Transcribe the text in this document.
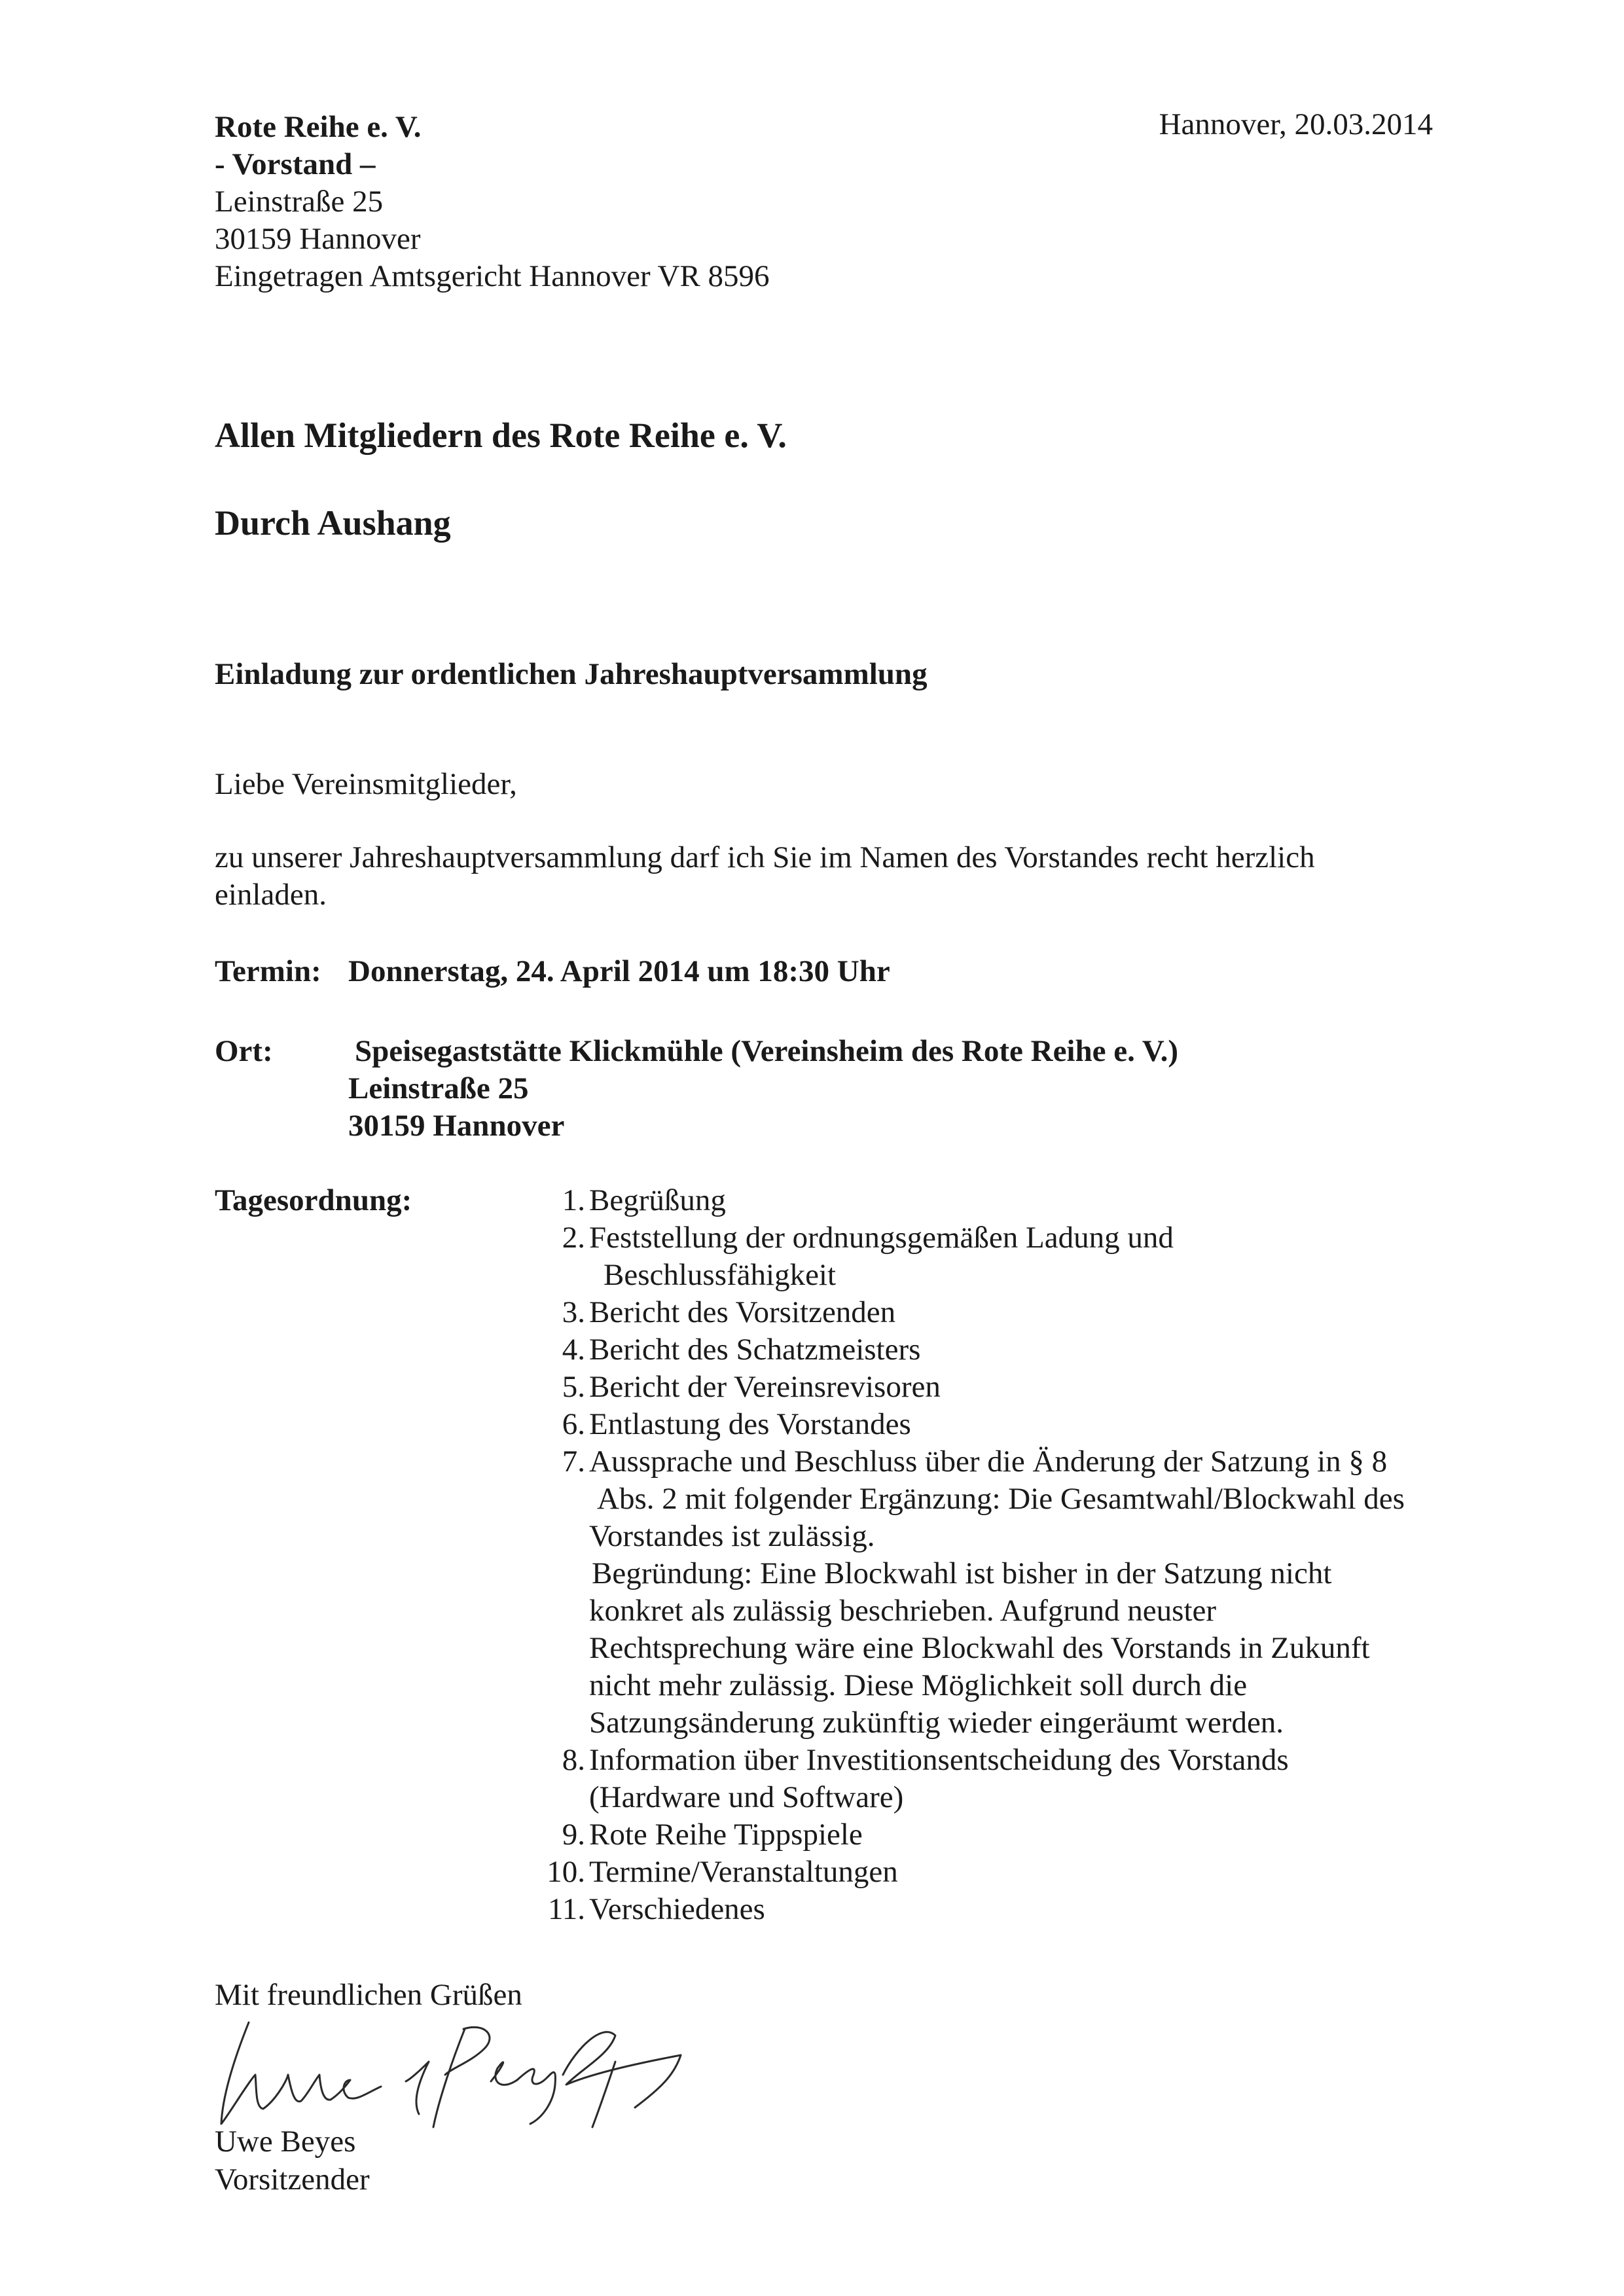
Rote Reihe e. V.
- Vorstand –
Leinstraße 25
30159 Hannover
Eingetragen Amtsgericht Hannover VR 8596
Hannover, 20.03.2014
Allen Mitgliedern des Rote Reihe e. V.
Durch Aushang
Einladung zur ordentlichen Jahreshauptversammlung
Liebe Vereinsmitglieder,
zu unserer Jahreshauptversammlung darf ich Sie im Namen des Vorstandes recht herzlich
einladen.
Termin: Donnerstag, 24. April 2014 um 18:30 Uhr
Ort:	Speisegaststätte Klickmühle (Vereinsheim des Rote Reihe e. V.)
Leinstraße 25
30159 Hannover
Tagesordnung:	1. Begrüßung
2. Feststellung der ordnungsgemäßen Ladung und
Beschlussfähigkeit
3. Bericht des Vorsitzenden
4. Bericht des Schatzmeisters
5. Bericht der Vereinsrevisoren
6. Entlastung des Vorstandes
7. Aussprache und Beschluss über die Änderung der Satzung in § 8
Abs. 2 mit folgender Ergänzung: Die Gesamtwahl/Blockwahl des
Vorstandes ist zulässig.
Begründung: Eine Blockwahl ist bisher in der Satzung nicht
konkret als zulässig beschrieben. Aufgrund neuster
Rechtsprechung wäre eine Blockwahl des Vorstands in Zukunft
nicht mehr zulässig. Diese Möglichkeit soll durch die
Satzungsänderung zukünftig wieder eingeräumt werden.
8. Information über Investitionsentscheidung des Vorstands
(Hardware und Software)
9. Rote Reihe Tippspiele
10. Termine/Veranstaltungen
11. Verschiedenes
Mit freundlichen Grüßen
Uwe Beyes
Vorsitzender
